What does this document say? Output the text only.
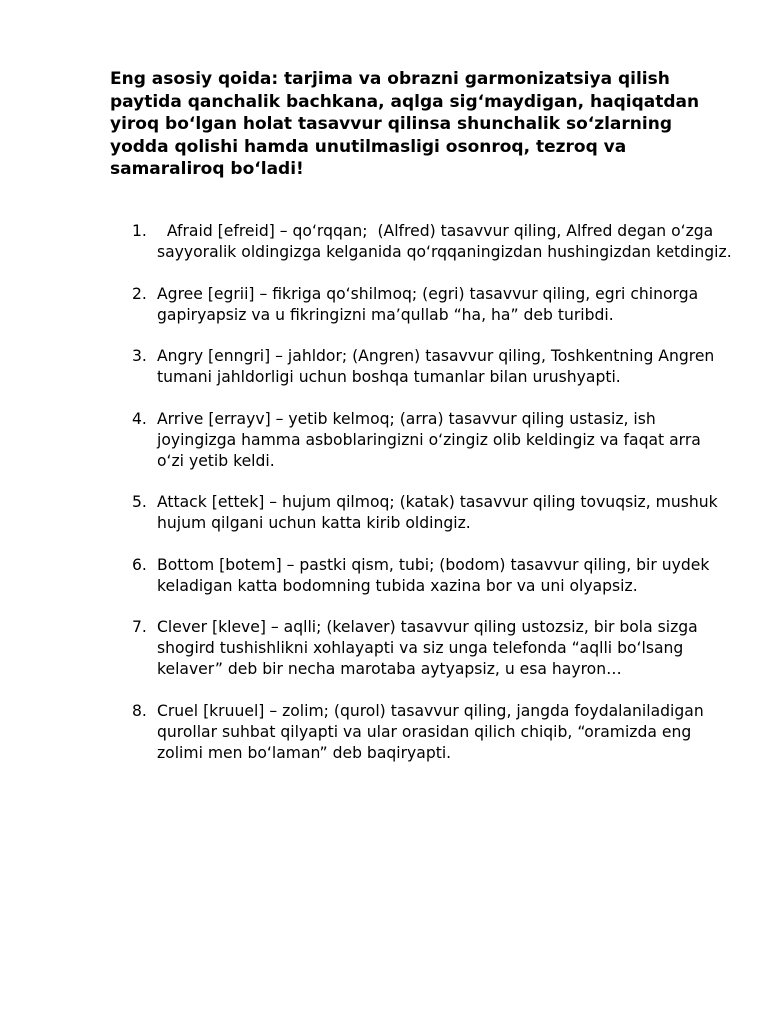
Eng asosiy qoida: tarjima va obrazni garmonizatsiya qilish paytida qanchalik bachkana, aqlga sig‘maydigan, haqiqatdan yiroq bo‘lgan holat tasavvur qilinsa shunchalik so‘zlarning yodda qolishi hamda unutilmasligi osonroq, tezroq va samaraliroq bo‘ladi!

1. Afraid [efreid] – qo‘rqqan;  (Alfred) tasavvur qiling, Alfred degan o‘zga sayyoralik oldingizga kelganida qo‘rqqaningizdan hushingizdan ketdingiz.
2. Agree [egrii] – fikriga qo‘shilmoq; (egri) tasavvur qiling, egri chinorga gapiryapsiz va u fikringizni ma’qullab “ha, ha” deb turibdi.
3. Angry [enngri] – jahldor; (Angren) tasavvur qiling, Toshkentning Angren tumani jahldorligi uchun boshqa tumanlar bilan urushyapti.
4. Arrive [errayv] – yetib kelmoq; (arra) tasavvur qiling ustasiz, ish joyingizga hamma asboblaringizni o‘zingiz olib keldingiz va faqat arra o‘zi yetib keldi.
5. Attack [ettek] – hujum qilmoq; (katak) tasavvur qiling tovuqsiz, mushuk hujum qilgani uchun katta kirib oldingiz.
6. Bottom [botem] – pastki qism, tubi; (bodom) tasavvur qiling, bir uydek keladigan katta bodomning tubida xazina bor va uni olyapsiz.
7. Clever [kleve] – aqlli; (kelaver) tasavvur qiling ustozsiz, bir bola sizga shogird tushishlikni xohlayapti va siz unga telefonda “aqlli bo‘lsang kelaver” deb bir necha marotaba aytyapsiz, u esa hayron…
8. Cruel [kruuel] – zolim; (qurol) tasavvur qiling, jangda foydalaniladigan qurollar suhbat qilyapti va ular orasidan qilich chiqib, “oramizda eng zolimi men bo‘laman” deb baqiryapti.
